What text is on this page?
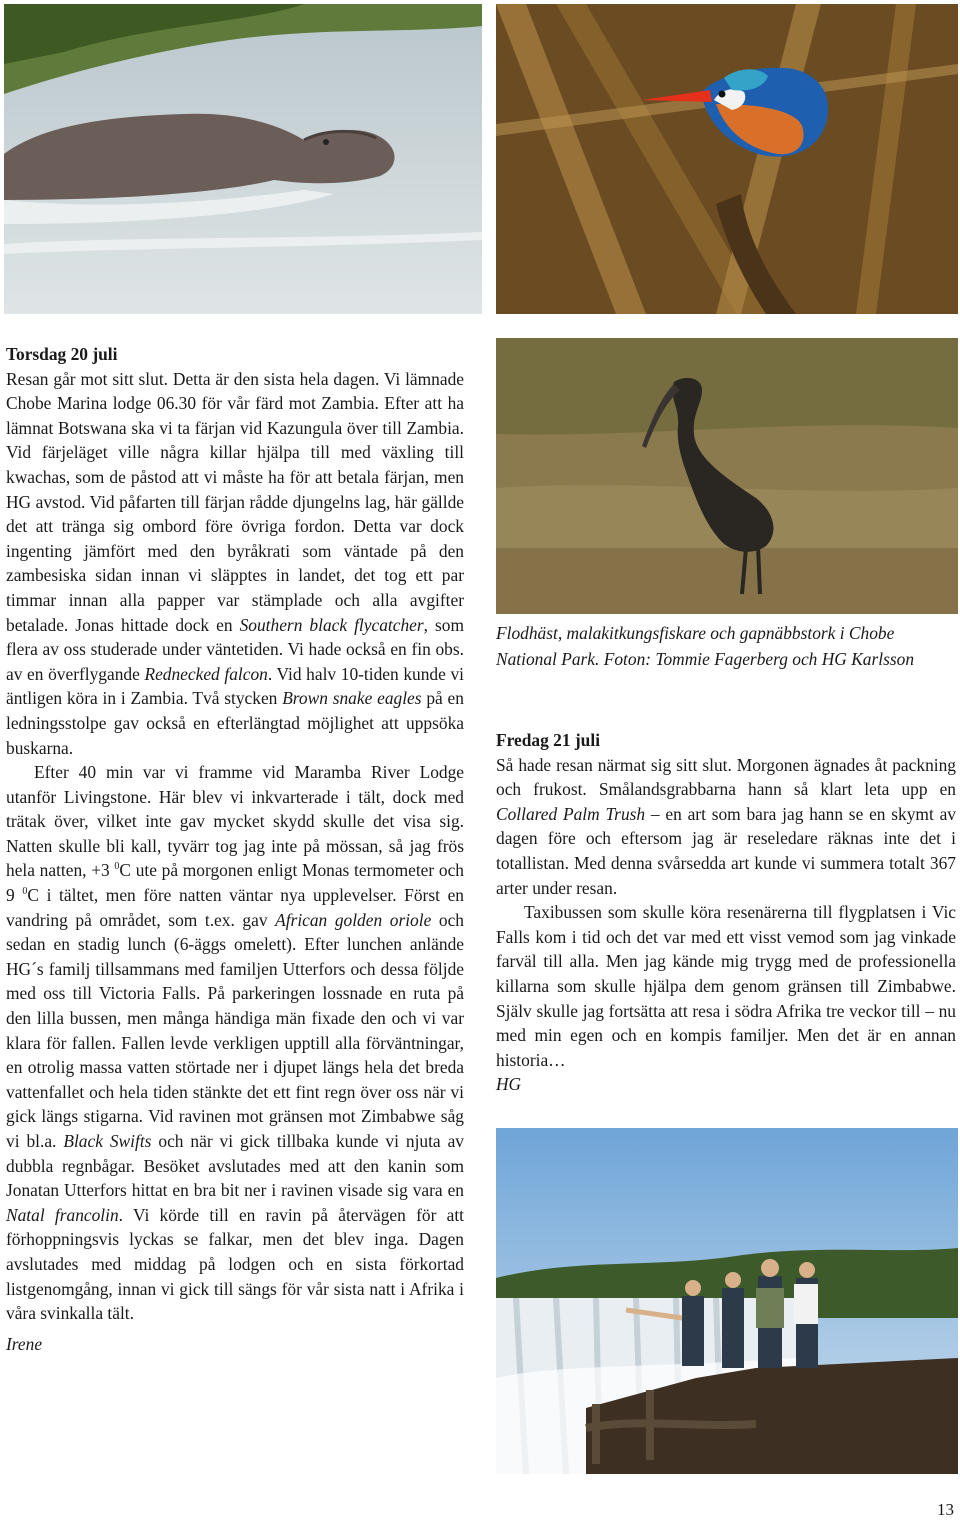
Torsdag 20 juli

Resan går mot sitt slut. Detta är den sista hela dagen. Vi lämnade Chobe Marina lodge 06.30 för vår färd mot Zambia. Efter att ha lämnat Botswana ska vi ta färjan vid Kazungula över till Zambia. Vid färjeläget ville några killar hjälpa till med växling till kwachas, som de påstod att vi måste ha för att betala färjan, men HG avstod. Vid påfarten till färjan rådde djungelns lag, här gällde det att tränga sig ombord före övriga fordon. Detta var dock ingenting jämfört med den byråkrati som väntade på den zambesiska sidan innan vi släpptes in landet, det tog ett par timmar innan alla papper var stämplade och alla avgifter betalade. Jonas hittade dock en Southern black flycatcher, som flera av oss studerade under väntetiden. Vi hade också en fin obs. av en överflygande Rednecked falcon. Vid halv 10-tiden kunde vi äntligen köra in i Zambia. Två stycken Brown snake eagles på en ledningsstolpe gav också en efterlängtad möjlighet att uppsöka buskarna.

Efter 40 min var vi framme vid Maramba River Lodge utanför Livingstone. Här blev vi inkvarterade i tält, dock med trätak över, vilket inte gav mycket skydd skulle det visa sig. Natten skulle bli kall, tyvärr tog jag inte på mössan, så jag frös hela natten, +3 $^0$C ute på morgonen enligt Monas termometer och 9 $^0$C i tältet, men före natten väntar nya upplevelser. Först en vandring på området, som t.ex. gav African golden oriole och sedan en stadig lunch (6-äggs omelett). Efter lunchen anlände HG´s familj tillsammans med familjen Utterfors och dessa följde med oss till Victoria Falls. På parkeringen lossnade en ruta på den lilla bussen, men många händiga män fixade den och vi var klara för fallen. Fallen levde verkligen upptill alla förväntningar, en otrolig massa vatten störtade ner i djupet längs hela det breda vattenfallet och hela tiden stänkte det ett fint regn över oss när vi gick längs stigarna. Vid ravinen mot gränsen mot Zimbabwe såg vi bl.a. Black Swifts och när vi gick tillbaka kunde vi njuta av dubbla regnbågar. Besöket avslutades med att den kanin som Jonatan Utterfors hittat en bra bit ner i ravinen visade sig vara en Natal francolin. Vi körde till en ravin på återvägen för att förhoppningsvis lyckas se falkar, men det blev inga. Dagen avslutades med middag på lodgen och en sista förkortad listgenomgång, innan vi gick till sängs för vår sista natt i Afrika i våra svinkalla tält.

Irene

Flodhäst, malakitkungsfiskare och gapnäbbstork i Chobe National Park. Foton: Tommie Fagerberg och HG Karlsson
Fredag 21 juli

Så hade resan närmat sig sitt slut. Morgonen ägnades åt packning och frukost. Smålandsgrabbarna hann så klart leta upp en Collared Palm Trush – en art som bara jag hann se en skymt av dagen före och eftersom jag är reseledare räknas inte det i totallistan. Med denna svårsedda art kunde vi summera totalt 367 arter under resan.

Taxibussen som skulle köra resenärerna till flygplatsen i Vic Falls kom i tid och det var med ett visst vemod som jag vinkade farväl till alla. Men jag kände mig trygg med de professionella killarna som skulle hjälpa dem genom gränsen till Zimbabwe. Själv skulle jag fortsätta att resa i södra Afrika tre veckor till – nu med min egen och en kompis familjer. Men det är en annan historia…

HG

13
